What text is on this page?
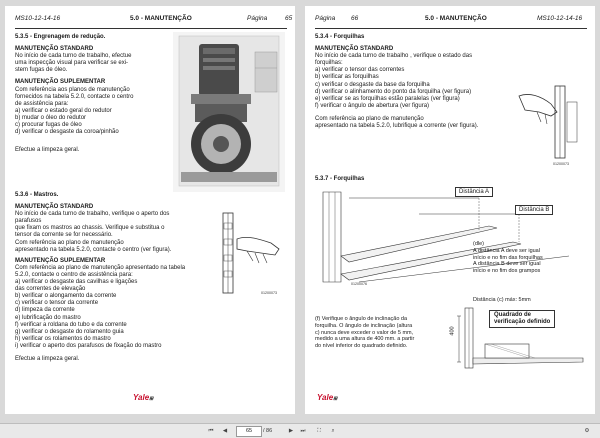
MS10-12-14-16	5.0 - MANUTENÇÃO	Página	65
5.3.5 - Engrenagem de redução.
MANUTENÇÃO STANDARD
No início de cada turno de trabalho, efectue
uma inspecção visual para verificar se exi-
stem fugas de óleo.
MANUTENÇÃO SUPLEMENTAR
Com referência aos planos de manutenção
fornecidos na tabela 5.2.0, contacte o centro
de assistência para:
a) verificar o estado geral do redutor
b) mudar o óleo do redutor
c) procurar fugas de óleo
d) verificar o desgaste da coroa/pinhão
Efectue a limpeza geral.
5.3.6 - Mastros.
MANUTENÇÃO STANDARD
No início de cada turno de trabalho, verifique o aperto dos
parafusos
que fixam os mastros ao chassis. Verifique e substitua o
tensor da corrente se for necessário.
Com referência ao plano de manutenção
apresentado na tabela 5.2.0, contacte o centro (ver figura).
MANUTENÇÃO SUPLEMENTAR
Com referência ao plano de manutenção apresentado na tabela
5.2.0, contacte o centro de assistência para:
a) verificar o desgaste das cavilhas e ligações
das correntes de elevação
b) verificar o alongamento da corrente
c) verificar o tensor da corrente
d) limpeza da corrente
e) lubrificação do mastro
f) verificar a roldana do tubo e da corrente
g) verificar o desgaste do rolamento guia
h) verificar os rolamentos do mastro
i) verificar o aperto dos parafusos de fixação do mastro
Efectue a limpeza geral.
01200073
Yale⊞
Página 66	5.0 - MANUTENÇÃO	MS10-12-14-16
5.3.4 - Forquilhas
MANUTENÇÃO STANDARD
No início de cada turno de trabalho , verifique o estado das
forquilhas:
a) verificar o tensor das correntes
b) verificar as forquilhas
c) verificar o desgaste da base da forquilha
d) verificar o alinhamento do ponto da forquilha (ver figura)
e) verificar se as forquilhas estão paralelas (ver figura)
f) verificar o ângulo de abertura (ver figura)
Com referência ao plano de manutenção
apresentado na tabela 5.2.0, lubrifique a corrente (ver figura).
01200073
5.3.7 - Forquilhas
Distância A
Distância B
01200076
(dle)
A distância A deve ser igual
início e no fim das forquilhas
A distância B deve ser igual
início e no fim dos grampos
(f) Verifique o ângulo de inclinação da
forquilha. O ângulo de inclinação (altura
c) nunca deve exceder o valor de 5 mm,
medido a uma altura de 400 mm. a partir
do nível inferior do quadrado definido.
Distância (c) máx: 5mm
Quadrado de
verificação definido
400
Yale⊞
⏮	◀	65	/ 86	▶	⏭	⛶	⌕	⚙
